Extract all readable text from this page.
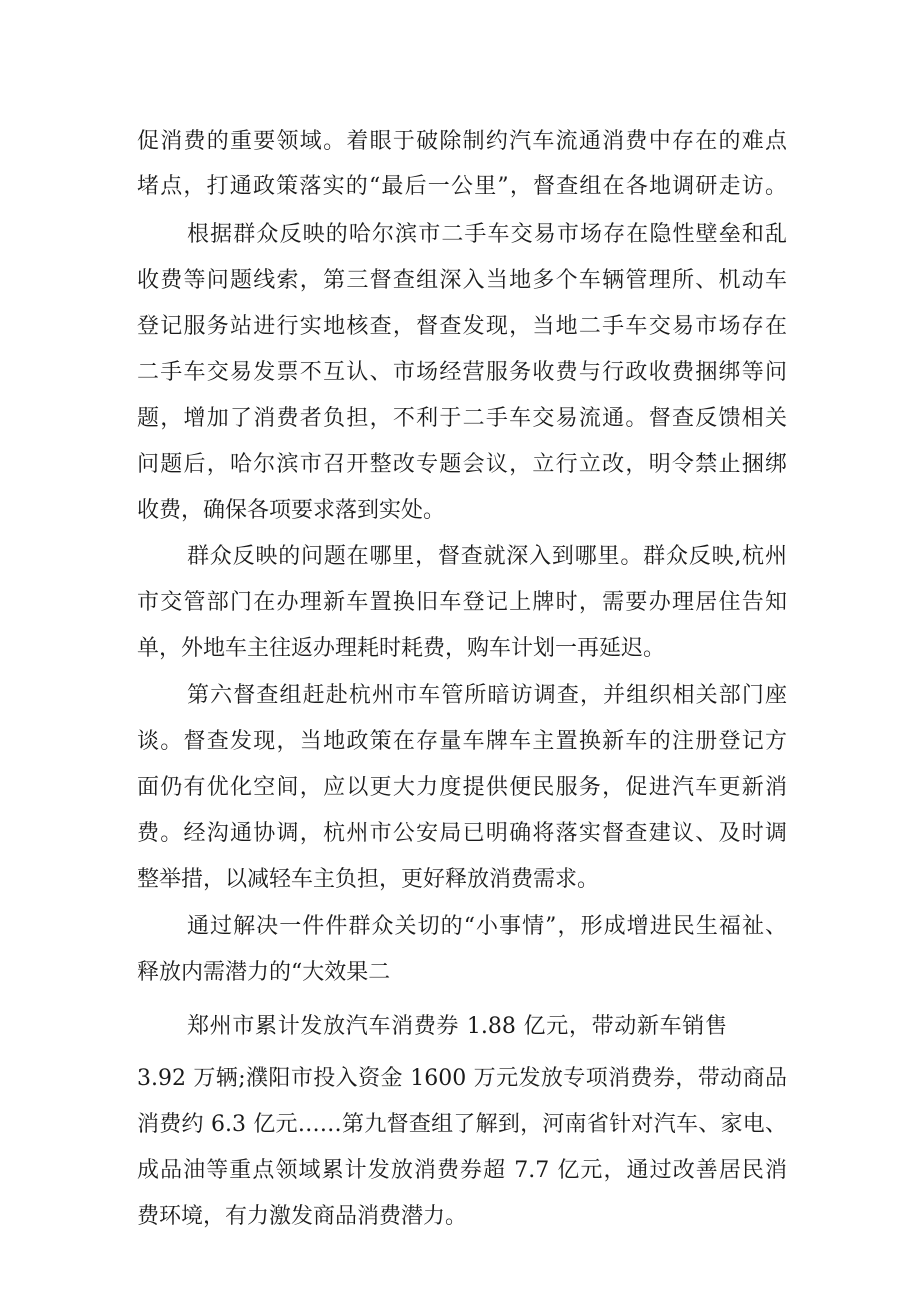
促消费的重要领域。着眼于破除制约汽车流通消费中存在的难点
堵点，打通政策落实的“最后一公里”，督查组在各地调研走访。
根据群众反映的哈尔滨市二手车交易市场存在隐性壁垒和乱
收费等问题线索，第三督查组深入当地多个车辆管理所、机动车
登记服务站进行实地核查，督查发现，当地二手车交易市场存在
二手车交易发票不互认、市场经营服务收费与行政收费捆绑等问
题，增加了消费者负担，不利于二手车交易流通。督查反馈相关
问题后，哈尔滨市召开整改专题会议，立行立改，明令禁止捆绑
收费，确保各项要求落到实处。
群众反映的问题在哪里，督查就深入到哪里。群众反映,杭州
市交管部门在办理新车置换旧车登记上牌时，需要办理居住告知
单，外地车主往返办理耗时耗费，购车计划一再延迟。
第六督查组赶赴杭州市车管所暗访调查，并组织相关部门座
谈。督查发现，当地政策在存量车牌车主置换新车的注册登记方
面仍有优化空间，应以更大力度提供便民服务，促进汽车更新消
费。经沟通协调，杭州市公安局已明确将落实督查建议、及时调
整举措，以减轻车主负担，更好释放消费需求。
通过解决一件件群众关切的“小事情”，形成增进民生福祉、
释放内需潜力的“大效果二
郑州市累计发放汽车消费券 1.88 亿元，带动新车销售
3.92 万辆;濮阳市投入资金 1600 万元发放专项消费券，带动商品
消费约 6.3 亿元……第九督查组了解到，河南省针对汽车、家电、
成品油等重点领域累计发放消费券超 7.7 亿元，通过改善居民消
费环境，有力激发商品消费潜力。
